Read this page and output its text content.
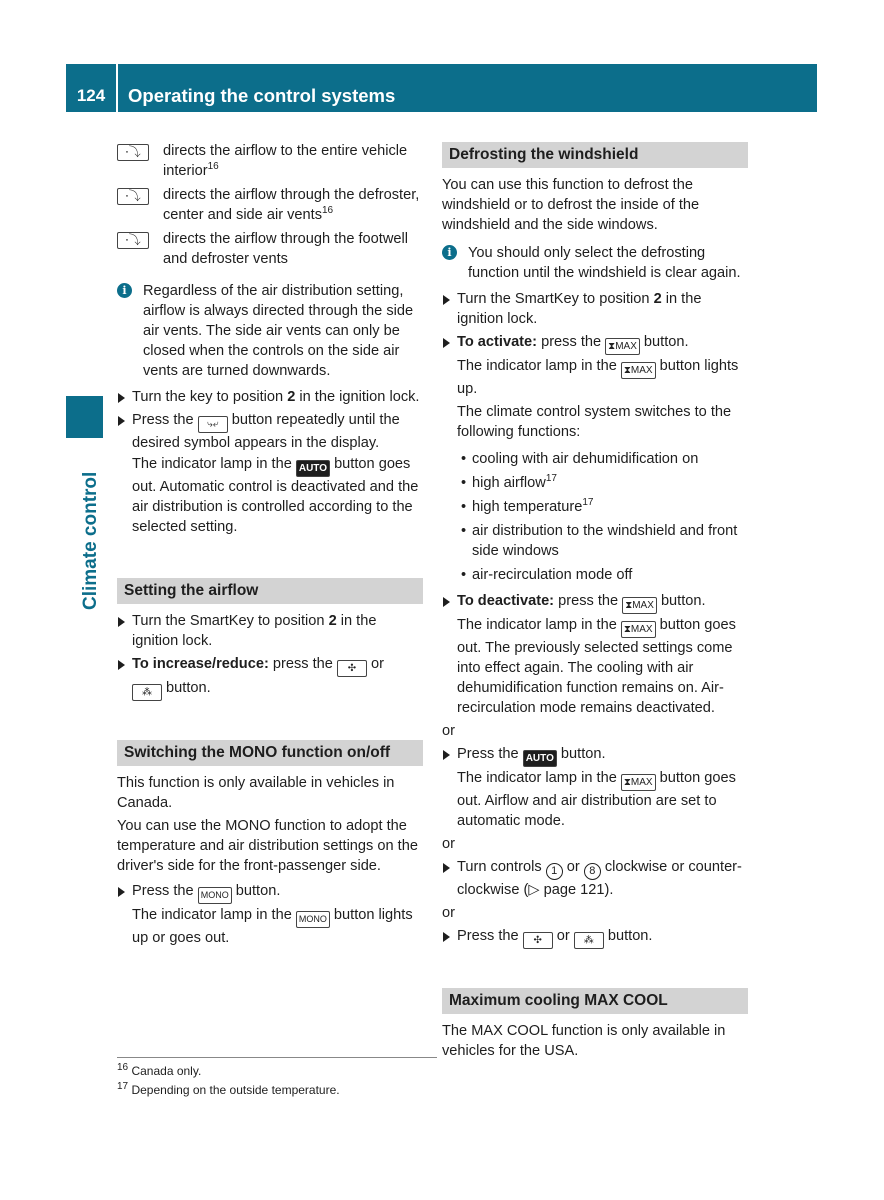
124	Operating the control systems
Climate control
⸱⤵	directs the airflow to the entire vehicle interior$^{16}$
⸱⤵	directs the airflow through the defroster, center and side air vents$^{16}$
⸱⤵	directs the airflow through the footwell and defroster vents
i	Regardless of the air distribution setting, airflow is always directed through the side air vents. The side air vents can only be closed when the controls on the side air vents are turned downwards.

Turn the key to position 2 in the ignition lock.

Press the ⤷⤶ button repeatedly until the desired symbol appears in the display.

The indicator lamp in the AUTO button goes out. Automatic control is deactivated and the air distribution is controlled according to the selected setting.

Setting the airflow

Turn the SmartKey to position 2 in the ignition lock.

To increase/reduce: press the ✣ or

⁂ button.

Switching the MONO function on/off
This function is only available in vehicles in Canada.
You can use the MONO function to adopt the temperature and air distribution settings on the driver's side for the front-passenger side.

Press the MONO button.

The indicator lamp in the MONO button lights up or goes out.

Defrosting the windshield
You can use this function to defrost the windshield or to defrost the inside of the windshield and the side windows.
i	You should only select the defrosting function until the windshield is clear again.

Turn the SmartKey to position 2 in the ignition lock.

To activate: press the ⧗MAX button.

The indicator lamp in the ⧗MAX button lights up.

The climate control system switches to the following functions:

• cooling with air dehumidification on
• high airflow$^{17}$
• high temperature$^{17}$
• air distribution to the windshield and front side windows
• air-recirculation mode off

To deactivate: press the ⧗MAX button.

The indicator lamp in the ⧗MAX button goes out. The previously selected settings come into effect again. The cooling with air dehumidification function remains on. Air-recirculation mode remains deactivated.

or

Press the AUTO button.

The indicator lamp in the ⧗MAX button goes out. Airflow and air distribution are set to automatic mode.

or

Turn controls 1 or 8 clockwise or counter-clockwise (▷ page 121).

or

Press the ✣ or ⁂ button.

Maximum cooling MAX COOL
The MAX COOL function is only available in vehicles for the USA.
$^{16}$ Canada only.
$^{17}$ Depending on the outside temperature.
